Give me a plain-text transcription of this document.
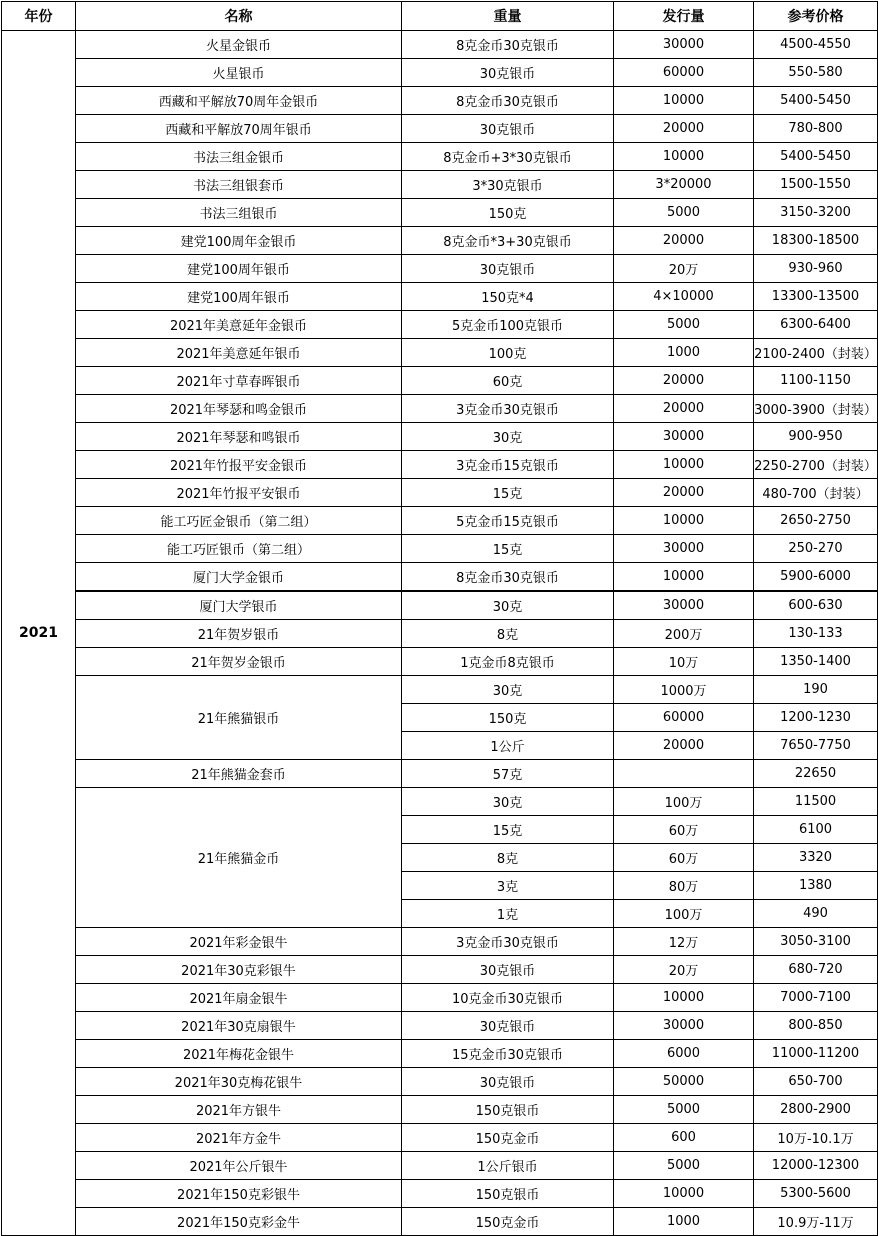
年份	名称	重量	发行量	参考价格
2021	火星金银币	8克金币30克银币	30000	4500-4550
	火星银币	30克银币	60000	550-580
	西藏和平解放70周年金银币	8克金币30克银币	10000	5400-5450
	西藏和平解放70周年银币	30克银币	20000	780-800
	书法三组金银币	8克金币+3*30克银币	10000	5400-5450
	书法三组银套币	3*30克银币	3*20000	1500-1550
	书法三组银币	150克	5000	3150-3200
	建党100周年金银币	8克金币*3+30克银币	20000	18300-18500
	建党100周年银币	30克银币	20万	930-960
	建党100周年银币	150克*4	4×10000	13300-13500
	2021年美意延年金银币	5克金币100克银币	5000	6300-6400
	2021年美意延年银币	100克	1000	2100-2400（封装）
	2021年寸草春晖银币	60克	20000	1100-1150
	2021年琴瑟和鸣金银币	3克金币30克银币	20000	3000-3900（封装）
	2021年琴瑟和鸣银币	30克	30000	900-950
	2021年竹报平安金银币	3克金币15克银币	10000	2250-2700（封装）
	2021年竹报平安银币	15克	20000	480-700（封装）
	能工巧匠金银币（第二组）	5克金币15克银币	10000	2650-2750
	能工巧匠银币（第二组）	15克	30000	250-270
	厦门大学金银币	8克金币30克银币	10000	5900-6000
	厦门大学银币	30克	30000	600-630
	21年贺岁银币	8克	200万	130-133
	21年贺岁金银币	1克金币8克银币	10万	1350-1400
	21年熊猫银币	30克	1000万	190
		150克	60000	1200-1230
		1公斤	20000	7650-7750
	21年熊猫金套币	57克		22650
	21年熊猫金币	30克	100万	11500
		15克	60万	6100
		8克	60万	3320
		3克	80万	1380
		1克	100万	490
	2021年彩金银牛	3克金币30克银币	12万	3050-3100
	2021年30克彩银牛	30克银币	20万	680-720
	2021年扇金银牛	10克金币30克银币	10000	7000-7100
	2021年30克扇银牛	30克银币	30000	800-850
	2021年梅花金银牛	15克金币30克银币	6000	11000-11200
	2021年30克梅花银牛	30克银币	50000	650-700
	2021年方银牛	150克银币	5000	2800-2900
	2021年方金牛	150克金币	600	10万-10.1万
	2021年公斤银牛	1公斤银币	5000	12000-12300
	2021年150克彩银牛	150克银币	10000	5300-5600
	2021年150克彩金牛	150克金币	1000	10.9万-11万
